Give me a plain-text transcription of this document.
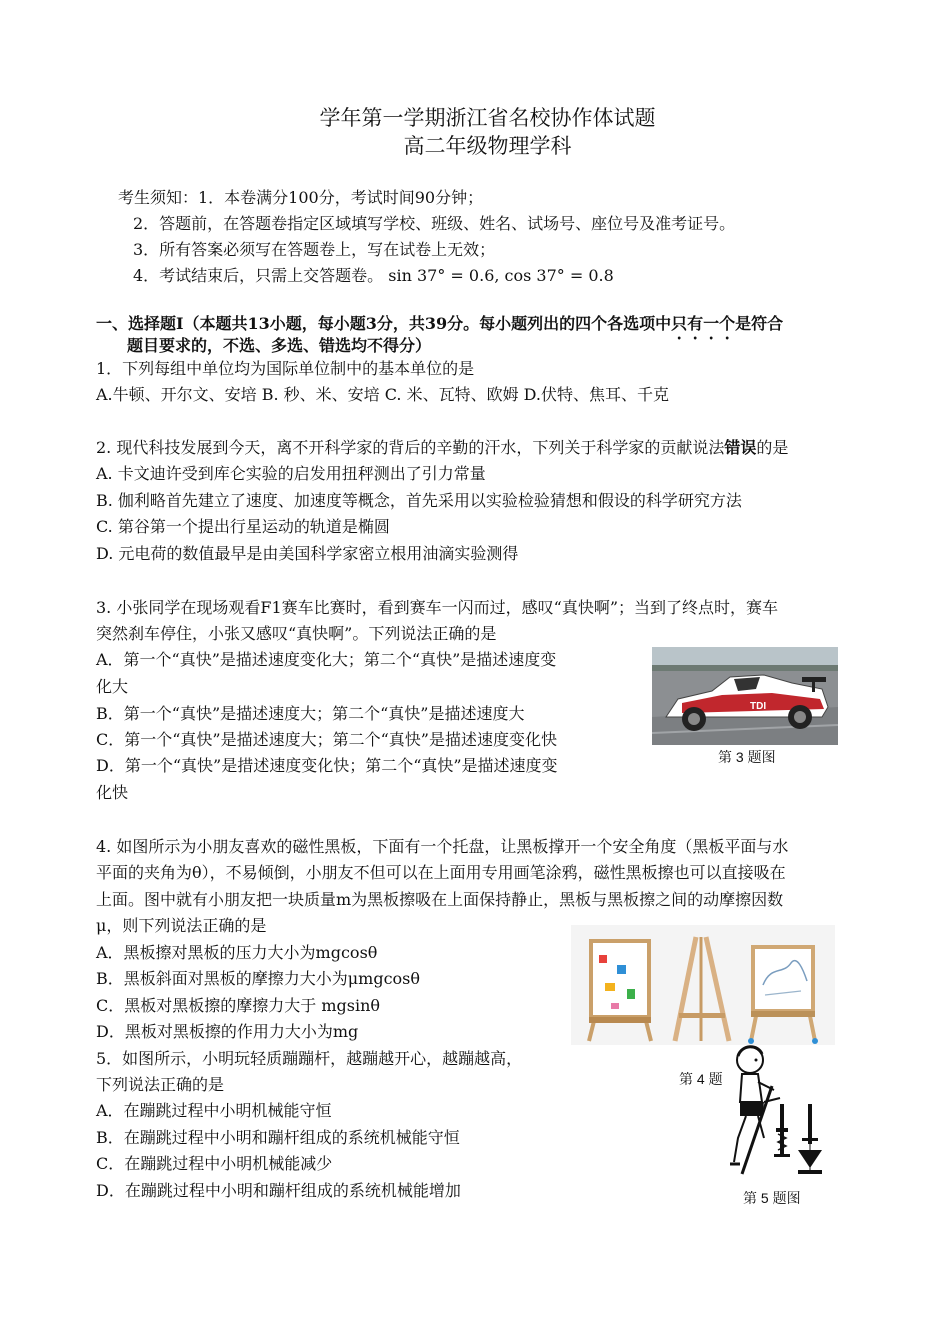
学年第一学期浙江省名校协作体试题
高二年级物理学科
考生须知：1．本卷满分100分，考试时间90分钟；
2．答题前，在答题卷指定区域填写学校、班级、姓名、试场号、座位号及准考证号。
3．所有答案必须写在答题卷上，写在试卷上无效；
4．考试结束后，只需上交答题卷。 sin 37° = 0.6, cos 37° = 0.8
一、选择题Ⅰ（本题共13小题，每小题3分，共39分。每小题列出的四个各选项中只有一个是符合
题目要求的，不选、多选、错选均不得分）
1．下列每组中单位均为国际单位制中的基本单位的是
A.牛顿、开尔文、安培 B. 秒、米、安培 C. 米、瓦特、欧姆 D.伏特、焦耳、千克
2. 现代科技发展到今天，离不开科学家的背后的辛勤的汗水，下列关于科学家的贡献说法错误的是
A. 卡文迪许受到库仑实验的启发用扭秤测出了引力常量
B. 伽利略首先建立了速度、加速度等概念，首先采用以实验检验猜想和假设的科学研究方法
C. 第谷第一个提出行星运动的轨道是椭圆
D. 元电荷的数值最早是由美国科学家密立根用油滴实验测得
3. 小张同学在现场观看F1赛车比赛时，看到赛车一闪而过，感叹“真快啊”；当到了终点时，赛车
突然刹车停住，小张又感叹“真快啊”。下列说法正确的是
A．第一个“真快”是描述速度变化大；第二个“真快”是描述速度变
化大
B．第一个“真快”是描述速度大；第二个“真快”是描述速度大
C．第一个“真快”是描述速度大；第二个“真快”是描述速度变化快
D．第一个“真快”是措述速度变化快；第二个“真快”是描述速度变
化快
TDI
第 3 题图
4. 如图所示为小朋友喜欢的磁性黑板，下面有一个托盘，让黑板撑开一个安全角度（黑板平面与水
平面的夹角为θ），不易倾倒，小朋友不但可以在上面用专用画笔涂鸦，磁性黑板擦也可以直接吸在
上面。图中就有小朋友把一块质量m为黑板擦吸在上面保持静止，黑板与黑板擦之间的动摩擦因数
μ，则下列说法正确的是
A．黑板擦对黑板的压力大小为mgcosθ
B．黑板斜面对黑板的摩擦力大小为μmgcosθ
C．黑板对黑板擦的摩擦力大于 mgsinθ
D．黑板对黑板擦的作用力大小为mg
第 4 题
5．如图所示，小明玩轻质蹦蹦杆，越蹦越开心，越蹦越高，
下列说法正确的是
A．在蹦跳过程中小明机械能守恒
B．在蹦跳过程中小明和蹦杆组成的系统机械能守恒
C．在蹦跳过程中小明机械能减少
D．在蹦跳过程中小明和蹦杆组成的系统机械能增加	第 5 题图
